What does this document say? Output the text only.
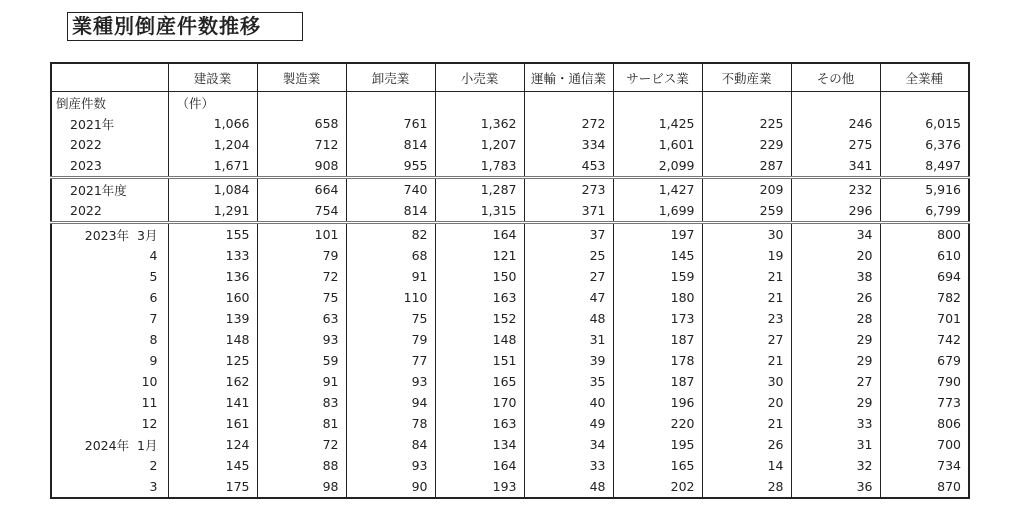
業種別倒産件数推移
	建設業	製造業	卸売業	小売業	運輸・通信業	サービス業	不動産業	その他	全業種
倒産件数	（件）								
2021年	1,066	658	761	1,362	272	1,425	225	246	6,015
2022	1,204	712	814	1,207	334	1,601	229	275	6,376
2023	1,671	908	955	1,783	453	2,099	287	341	8,497
2021年度	1,084	664	740	1,287	273	1,427	209	232	5,916
2022	1,291	754	814	1,315	371	1,699	259	296	6,799
2023年  3月	155	101	82	164	37	197	30	34	800
4	133	79	68	121	25	145	19	20	610
5	136	72	91	150	27	159	21	38	694
6	160	75	110	163	47	180	21	26	782
7	139	63	75	152	48	173	23	28	701
8	148	93	79	148	31	187	27	29	742
9	125	59	77	151	39	178	21	29	679
10	162	91	93	165	35	187	30	27	790
11	141	83	94	170	40	196	20	29	773
12	161	81	78	163	49	220	21	33	806
2024年  1月	124	72	84	134	34	195	26	31	700
2	145	88	93	164	33	165	14	32	734
3	175	98	90	193	48	202	28	36	870
